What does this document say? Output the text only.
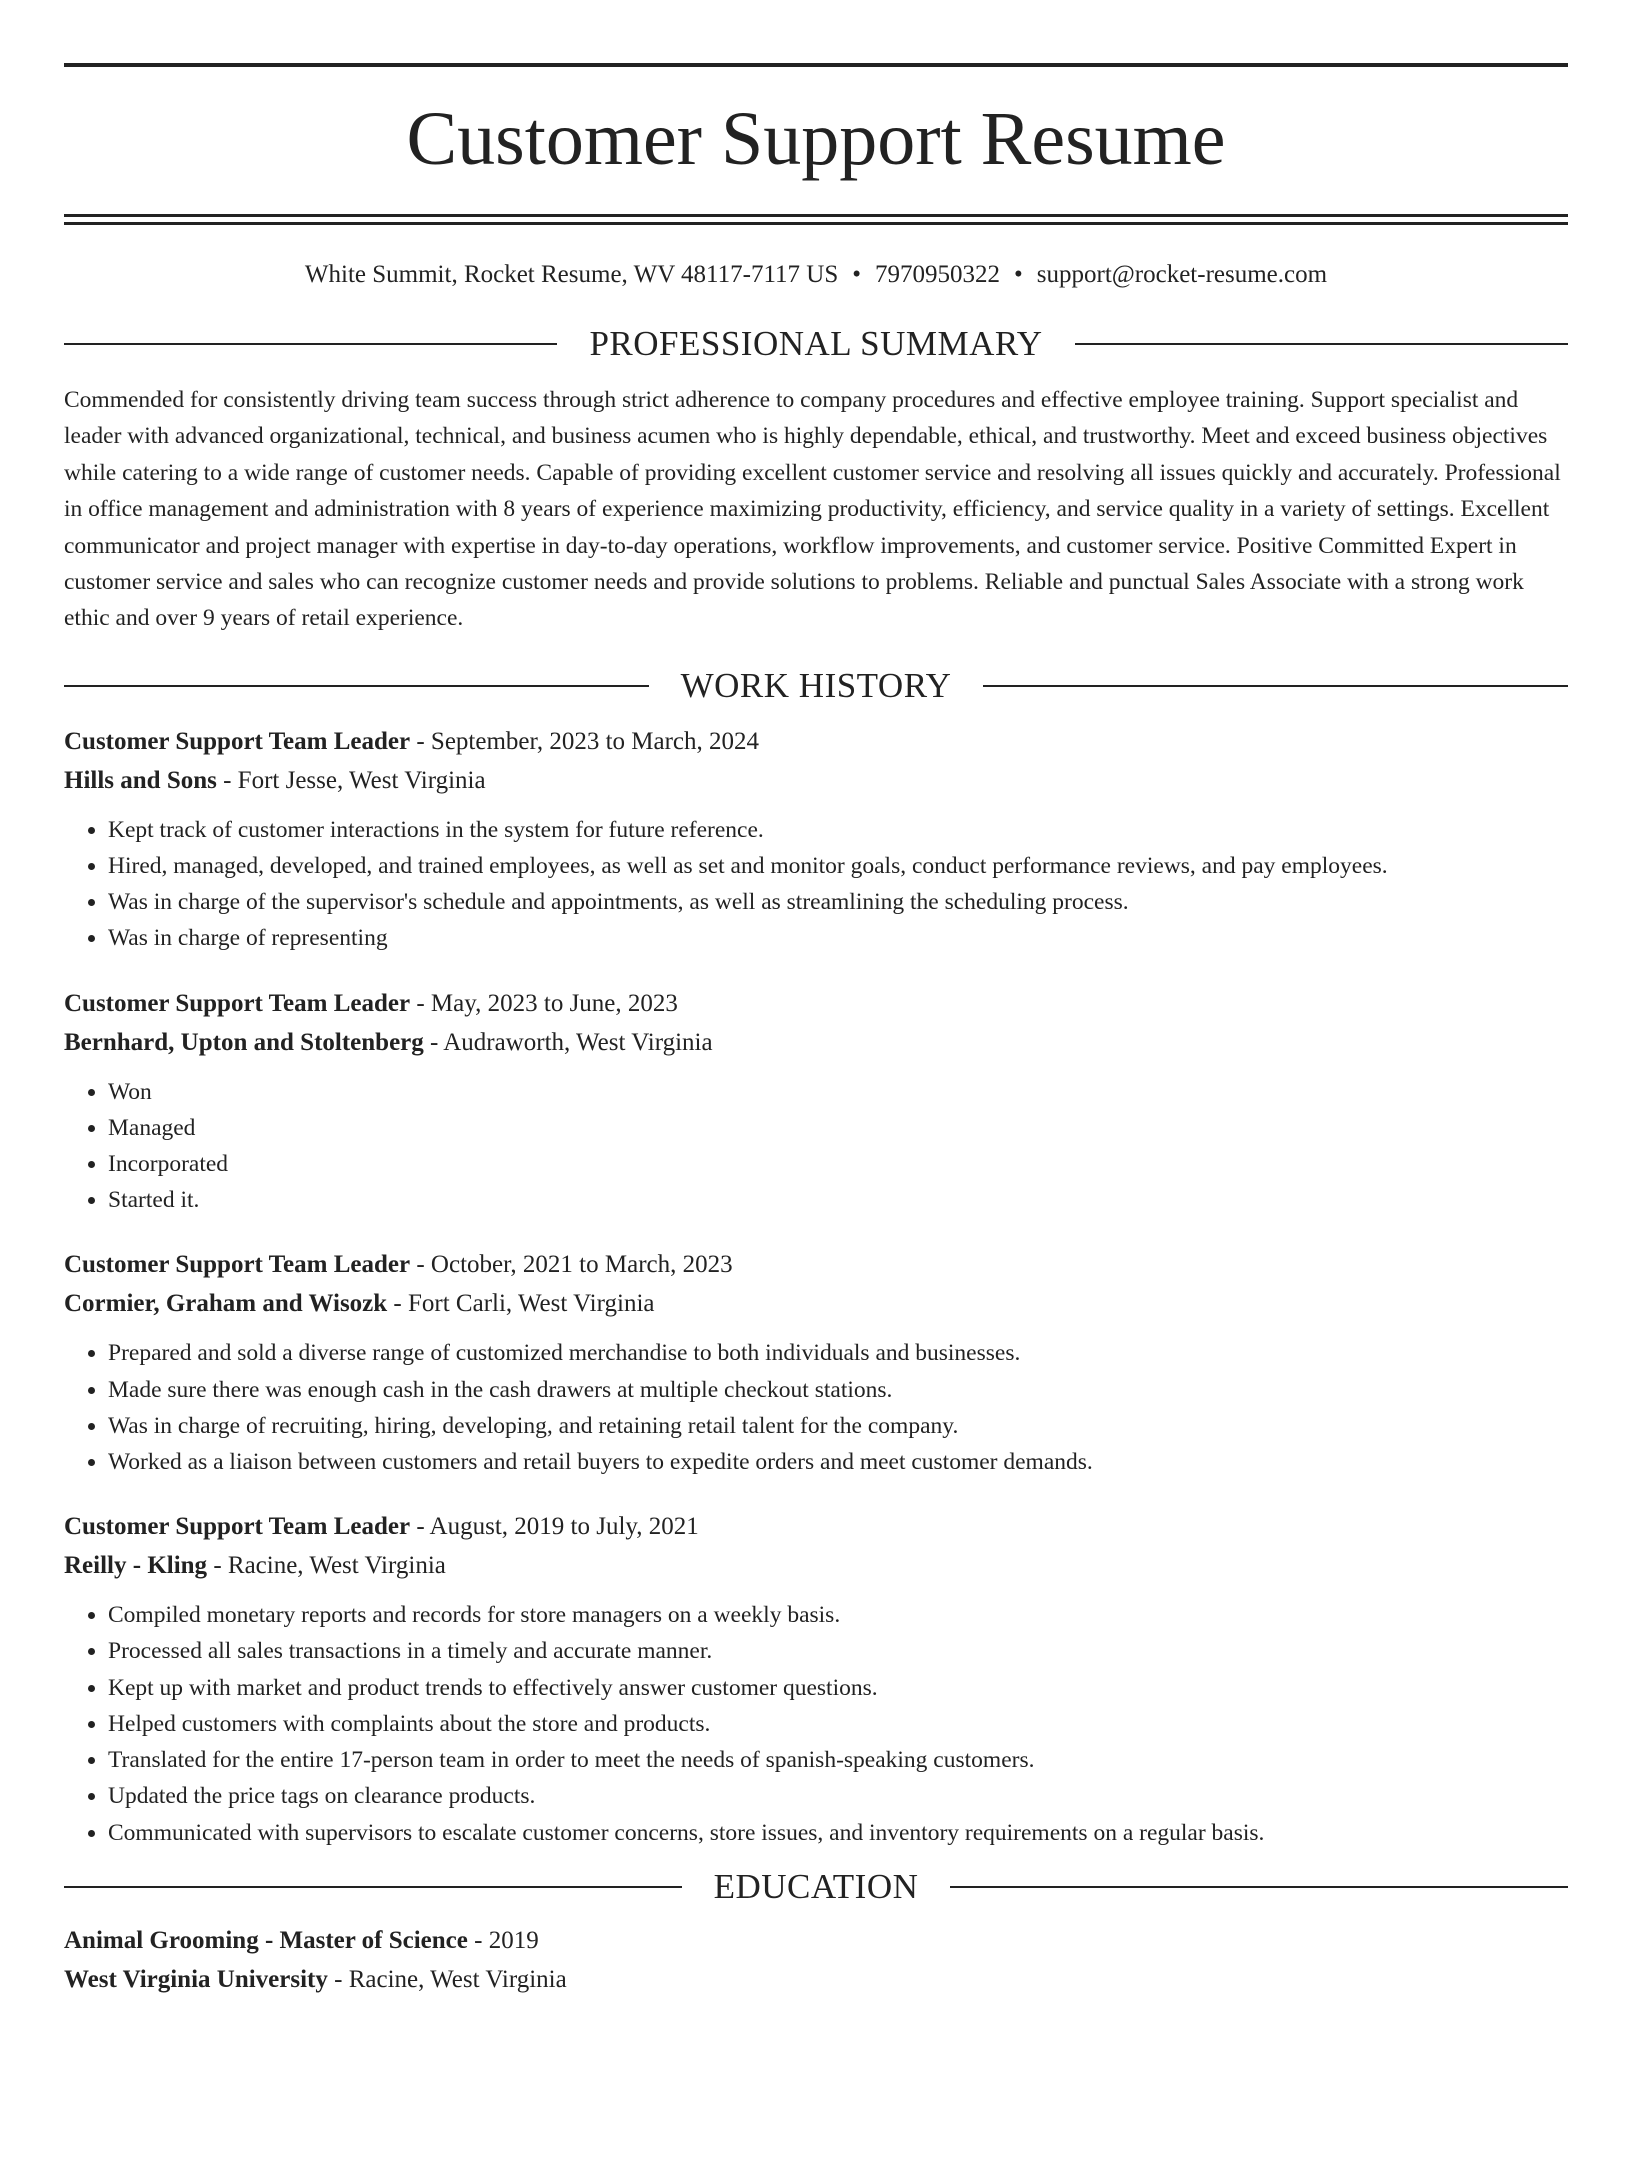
Customer Support Resume
White Summit, Rocket Resume, WV 48117-7117 US • 7970950322 • support@rocket-resume.com
PROFESSIONAL SUMMARY
Commended for consistently driving team success through strict adherence to company procedures and effective employee training. Support specialist and leader with advanced organizational, technical, and business acumen who is highly dependable, ethical, and trustworthy. Meet and exceed business objectives while catering to a wide range of customer needs. Capable of providing excellent customer service and resolving all issues quickly and accurately. Professional in office management and administration with 8 years of experience maximizing productivity, efficiency, and service quality in a variety of settings. Excellent communicator and project manager with expertise in day-to-day operations, workflow improvements, and customer service. Positive Committed Expert in customer service and sales who can recognize customer needs and provide solutions to problems. Reliable and punctual Sales Associate with a strong work ethic and over 9 years of retail experience.
WORK HISTORY
Customer Support Team Leader - September, 2023 to March, 2024
Hills and Sons - Fort Jesse, West Virginia
• Kept track of customer interactions in the system for future reference.
• Hired, managed, developed, and trained employees, as well as set and monitor goals, conduct performance reviews, and pay employees.
• Was in charge of the supervisor's schedule and appointments, as well as streamlining the scheduling process.
• Was in charge of representing
Customer Support Team Leader - May, 2023 to June, 2023
Bernhard, Upton and Stoltenberg - Audraworth, West Virginia
• Won
• Managed
• Incorporated
• Started it.
Customer Support Team Leader - October, 2021 to March, 2023
Cormier, Graham and Wisozk - Fort Carli, West Virginia
• Prepared and sold a diverse range of customized merchandise to both individuals and businesses.
• Made sure there was enough cash in the cash drawers at multiple checkout stations.
• Was in charge of recruiting, hiring, developing, and retaining retail talent for the company.
• Worked as a liaison between customers and retail buyers to expedite orders and meet customer demands.
Customer Support Team Leader - August, 2019 to July, 2021
Reilly - Kling - Racine, West Virginia
• Compiled monetary reports and records for store managers on a weekly basis.
• Processed all sales transactions in a timely and accurate manner.
• Kept up with market and product trends to effectively answer customer questions.
• Helped customers with complaints about the store and products.
• Translated for the entire 17-person team in order to meet the needs of spanish-speaking customers.
• Updated the price tags on clearance products.
• Communicated with supervisors to escalate customer concerns, store issues, and inventory requirements on a regular basis.
EDUCATION
Animal Grooming - Master of Science - 2019
West Virginia University - Racine, West Virginia
